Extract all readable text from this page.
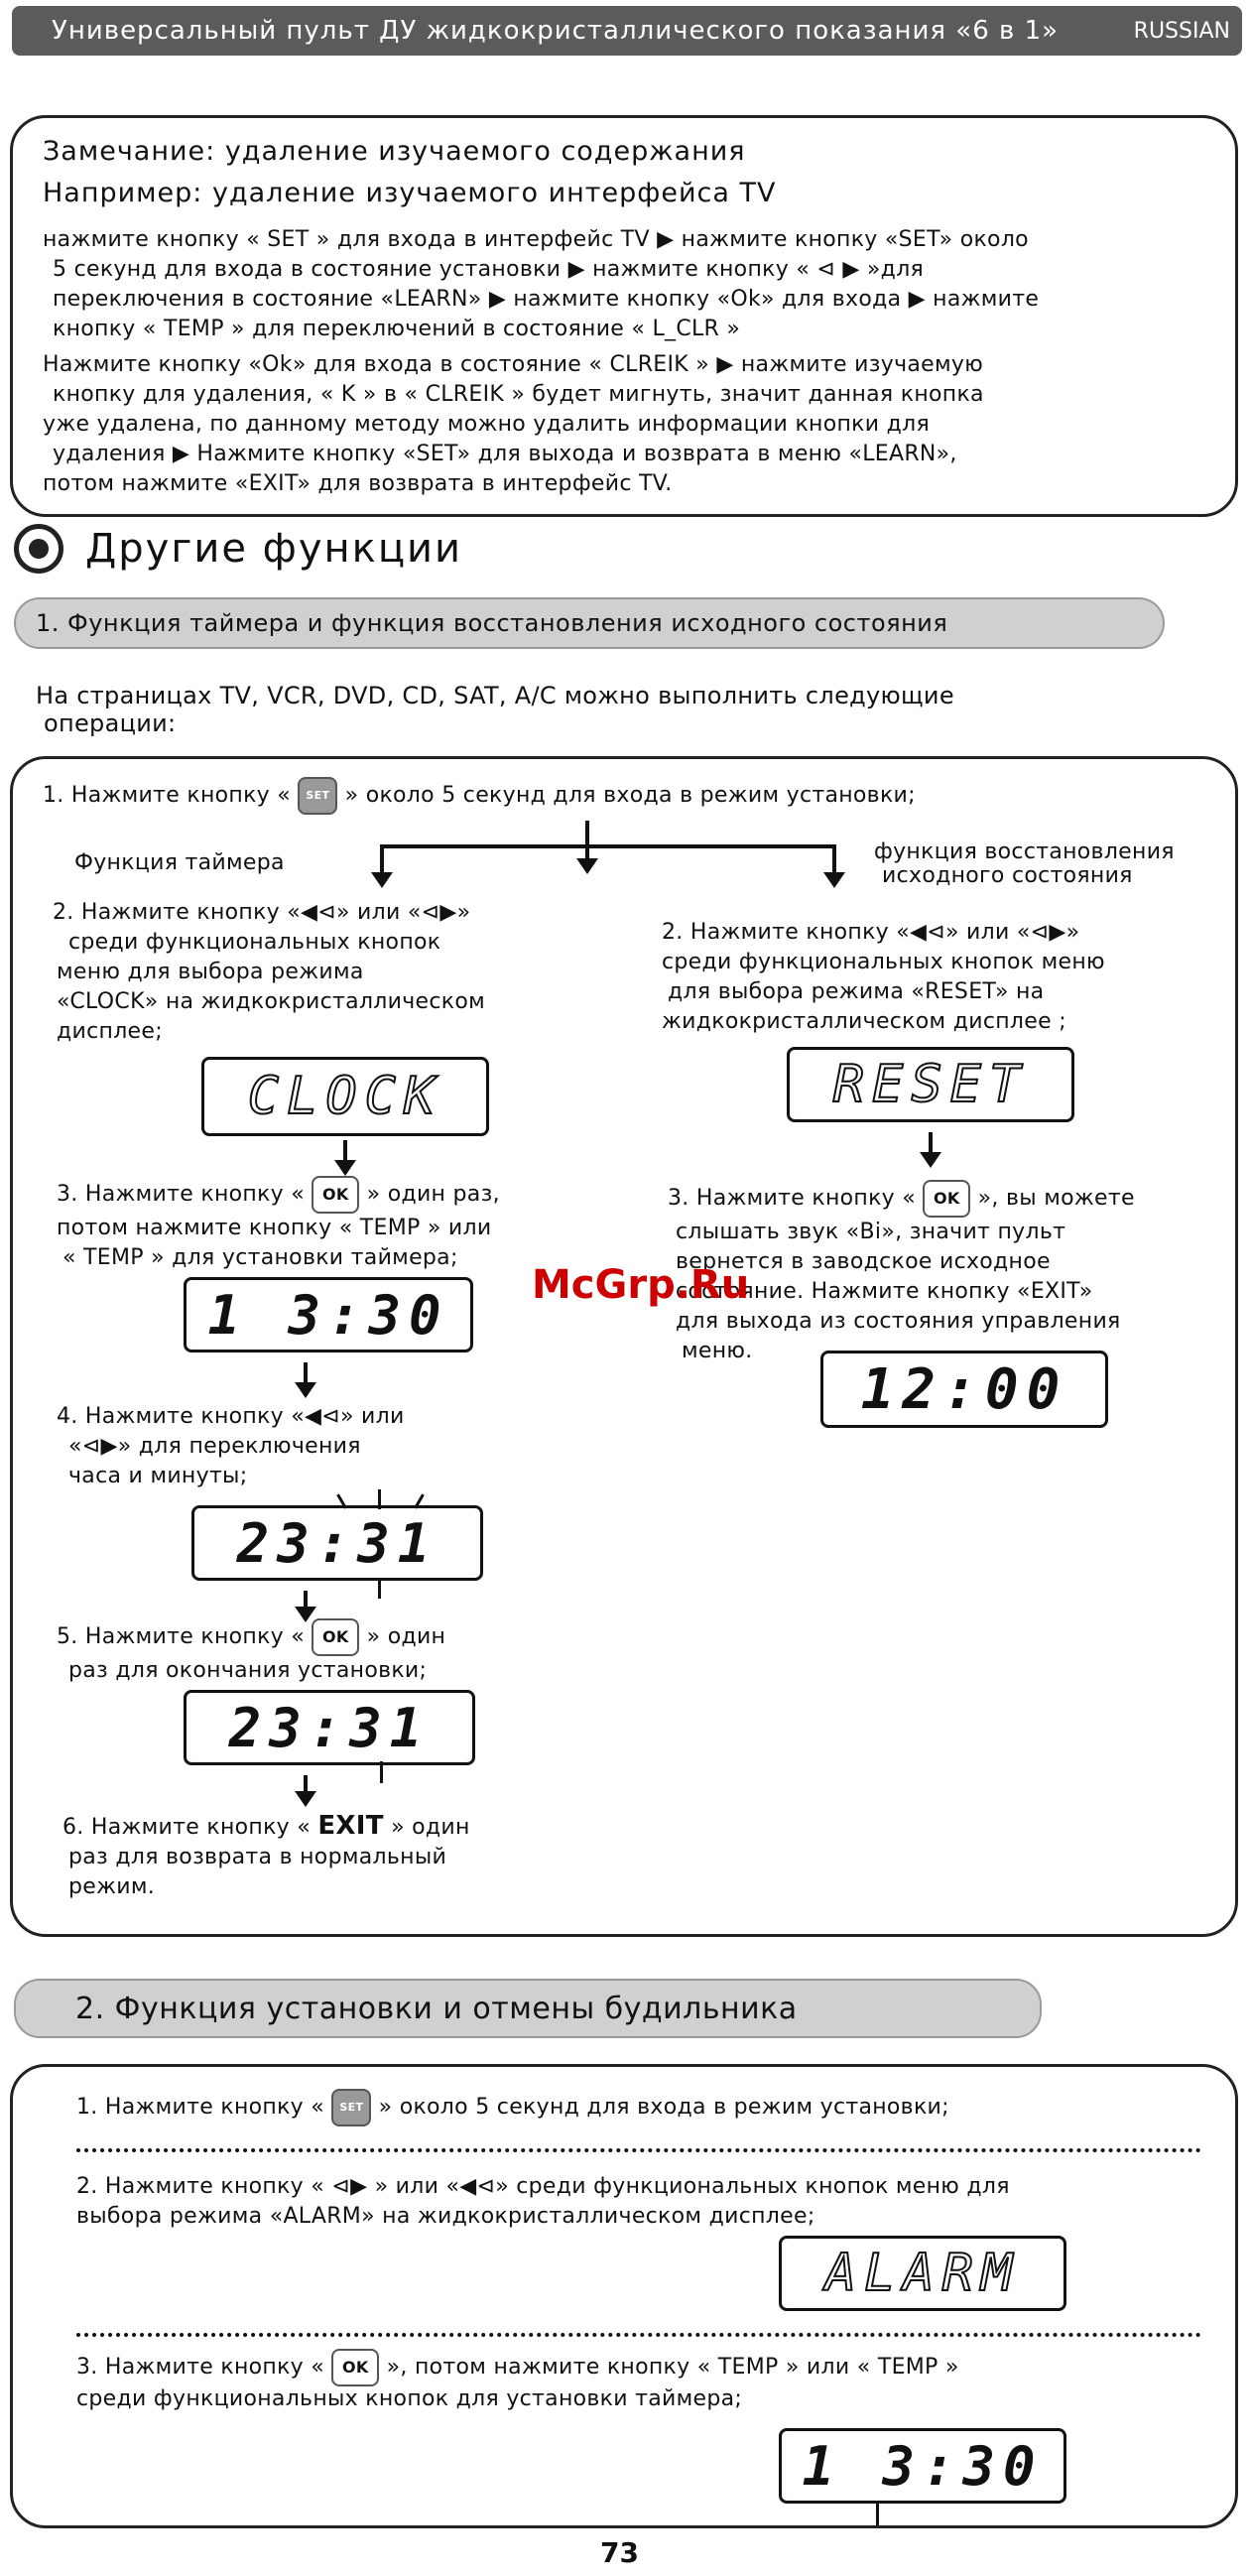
Универсальный пульт ДУ жидкокристаллического показания «6 в 1»	RUSSIAN
Замечание: удаление изучаемого содержания
Например: удаление изучаемого интерфейса TV
нажмите кнопку « SET » для входа в интерфейс TV ▶ нажмите кнопку «SET» около
5 секунд для входа в состояние установки ▶ нажмите кнопку « ⊲ ▶ »для
переключения в состояние «LEARN» ▶ нажмите кнопку «Ok» для входа ▶ нажмите
кнопку « TEMP » для переключений в состояние « L_CLR »
Нажмите кнопку «Ok» для входа в состояние « CLREIK » ▶ нажмите изучаемую
кнопку для удаления, « K » в « CLREIK » будет мигнуть, значит данная кнопка
уже удалена, по данному методу можно удалить информации кнопки для
удаления ▶ Нажмите кнопку «SET» для выхода и возврата в меню «LEARN»,
потом нажмите «EXIT» для возврата в интерфейс TV.
Другие функции
1. Функция таймера и функция восстановления исходного состояния
На страницах TV, VCR, DVD, CD, SAT, A/C можно выполнить следующие
операции:
1. Нажмите кнопку « SET » около 5 секунд для входа в режим установки;
Функция таймера	функция восстановления
исходного состояния
2. Нажмите кнопку «◀⊲» или «⊲▶»
среди функциональных кнопок
меню для выбора режима
«CLOCK» на жидкокристаллическом
дисплее;
CLOCK
3. Нажмите кнопку « OK » один раз,
потом нажмите кнопку « TEMP » или
« TEMP » для установки таймера;
1 3:30
4. Нажмите кнопку «◀⊲» или
«⊲▶» для переключения
часа и минуты;
23:31
5. Нажмите кнопку « OK » один
раз для окончания установки;
23:31
6. Нажмите кнопку « EXIT » один
раз для возврата в нормальный
режим.
2. Нажмите кнопку «◀⊲» или «⊲▶»
среди функциональных кнопок меню
для выбора режима «RESET» на
жидкокристаллическом дисплее ;
RESET
3. Нажмите кнопку « OK », вы можете
слышать звук «Bi», значит пульт
вернется в заводское исходное
состояние. Нажмите кнопку «EXIT»
для выхода из состояния управления
меню.
12:00
McGrp.Ru
2. Функция установки и отмены будильника
1. Нажмите кнопку « SET » около 5 секунд для входа в режим установки;
2. Нажмите кнопку « ⊲▶ » или «◀⊲» среди функциональных кнопок меню для
выбора режима «ALARM» на жидкокристаллическом дисплее;
ALARM
3. Нажмите кнопку « OK », потом нажмите кнопку « TEMP » или « TEMP »
среди функциональных кнопок для установки таймера;
1 3:30
73
